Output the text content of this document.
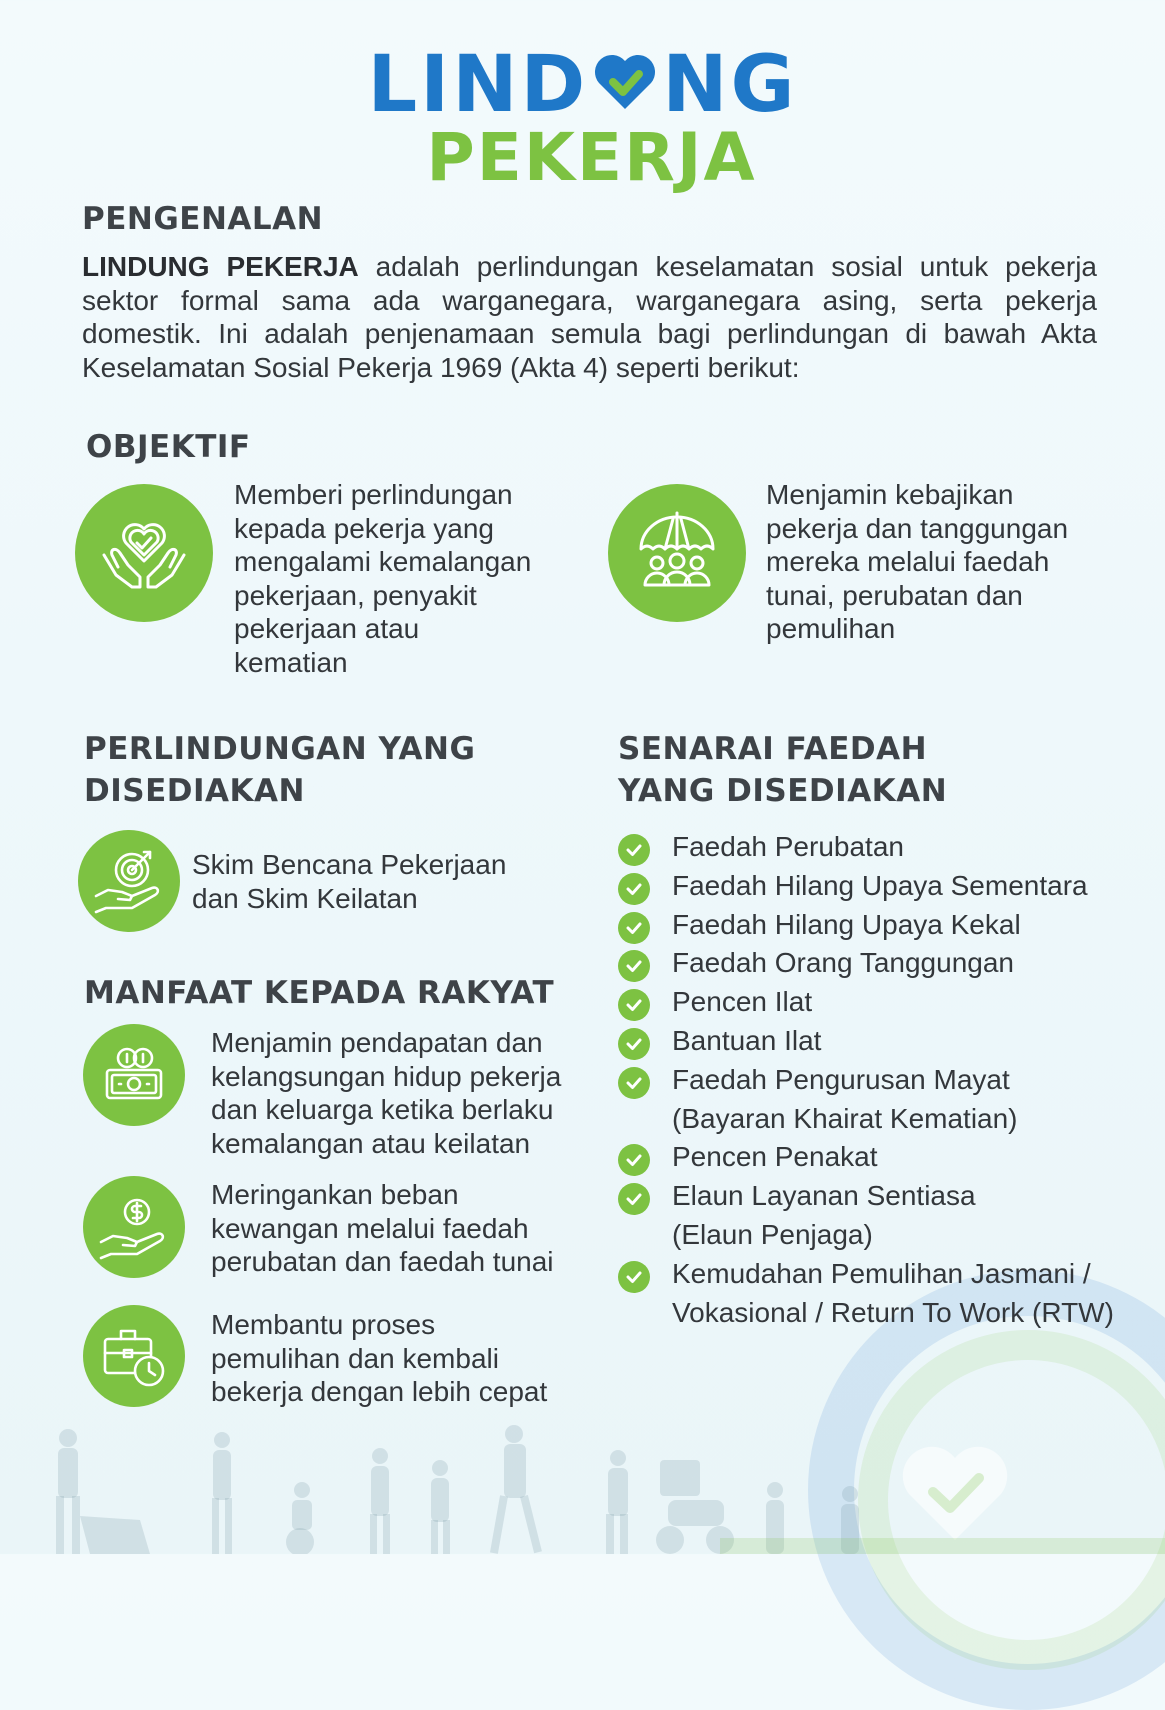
LIND NG
PEKERJA
PENGENALAN
LINDUNG PEKERJA adalah perlindungan keselamatan sosial untuk pekerja sektor formal sama ada warganegara, warganegara asing, serta pekerja domestik. Ini adalah penjenamaan semula bagi perlindungan di bawah Akta Keselamatan Sosial Pekerja 1969 (Akta 4) seperti berikut:
OBJEKTIF
Memberi perlindungan
kepada pekerja yang
mengalami kemalangan
pekerjaan, penyakit
pekerjaan atau
kematian
Menjamin kebajikan
pekerja dan tanggungan
mereka melalui faedah
tunai, perubatan dan
pemulihan
PERLINDUNGAN YANG
DISEDIAKAN
Skim Bencana Pekerjaan
dan Skim Keilatan
MANFAAT KEPADA RAKYAT
Menjamin pendapatan dan
kelangsungan hidup pekerja
dan keluarga ketika berlaku
kemalangan atau keilatan
Meringankan beban
kewangan melalui faedah
perubatan dan faedah tunai
Membantu proses
pemulihan dan kembali
bekerja dengan lebih cepat
SENARAI FAEDAH
YANG DISEDIAKAN
Faedah Perubatan
Faedah Hilang Upaya Sementara
Faedah Hilang Upaya Kekal
Faedah Orang Tanggungan
Pencen Ilat
Bantuan Ilat
Faedah Pengurusan Mayat
(Bayaran Khairat Kematian)
Pencen Penakat
Elaun Layanan Sentiasa
(Elaun Penjaga)
Kemudahan Pemulihan Jasmani /
Vokasional / Return To Work (RTW)
